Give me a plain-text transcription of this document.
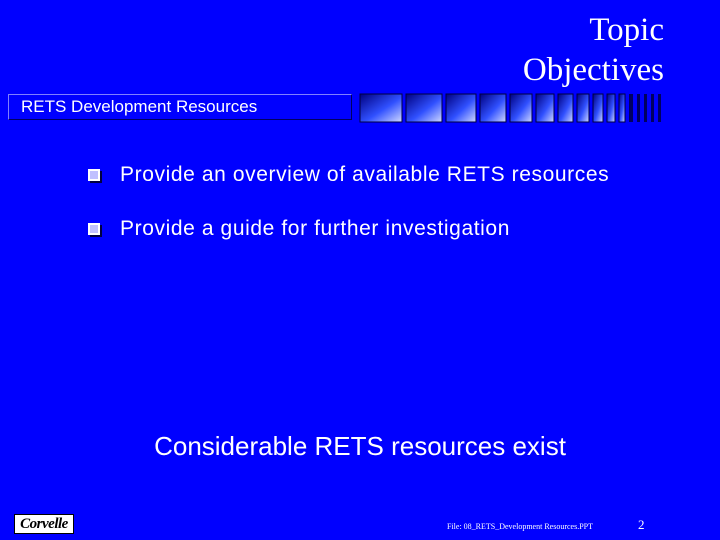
Topic
Objectives
RETS Development Resources
Provide an overview of available RETS resources
Provide a guide for further investigation
Considerable RETS resources exist
Corvelle	File: 08_RETS_Development Resources.PPT	2
